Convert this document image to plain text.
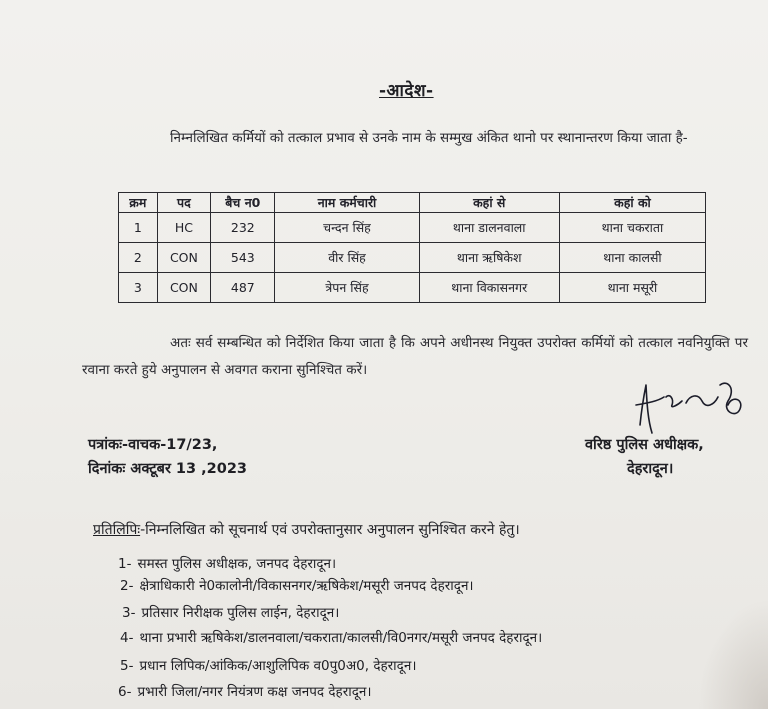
-आदेश-
निम्नलिखित कर्मियों को तत्काल प्रभाव से उनके नाम के सम्मुख अंकित थानो पर स्थानान्तरण किया जाता है-
क्रम	पद	बैच न0	नाम कर्मचारी	कहां से	कहां को
1	HC	232	चन्दन सिंह	थाना डालनवाला	थाना चकराता
2	CON	543	वीर सिंह	थाना ऋषिकेश	थाना कालसी
3	CON	487	त्रेपन सिंह	थाना विकासनगर	थाना मसूरी
अतः सर्व सम्बन्धित को निर्देशित किया जाता है कि अपने अधीनस्थ नियुक्त उपरोक्त कर्मियों को तत्काल नवनियुक्ति पर रवाना करते हुये अनुपालन से अवगत कराना सुनिश्चित करें।
पत्रांकः-वाचक-17/23,
दिनांकः अक्टूबर 13 ,2023
वरिष्ठ पुलिस अधीक्षक,
देहरादून।
प्रतिलिपिः-निम्नलिखित को सूचनार्थ एवं उपरोक्तानुसार अनुपालन सुनिश्चित करने हेतु।
1- समस्त पुलिस अधीक्षक, जनपद देहरादून।
2- क्षेत्राधिकारी ने0कालोनी/विकासनगर/ऋषिकेश/मसूरी जनपद देहरादून।
3- प्रतिसार निरीक्षक पुलिस लाईन, देहरादून।
4- थाना प्रभारी ऋषिकेश/डालनवाला/चकराता/कालसी/वि0नगर/मसूरी जनपद देहरादून।
5- प्रधान लिपिक/आंकिक/आशुलिपिक व0पु0अ0, देहरादून।
6- प्रभारी जिला/नगर नियंत्रण कक्ष जनपद देहरादून।
